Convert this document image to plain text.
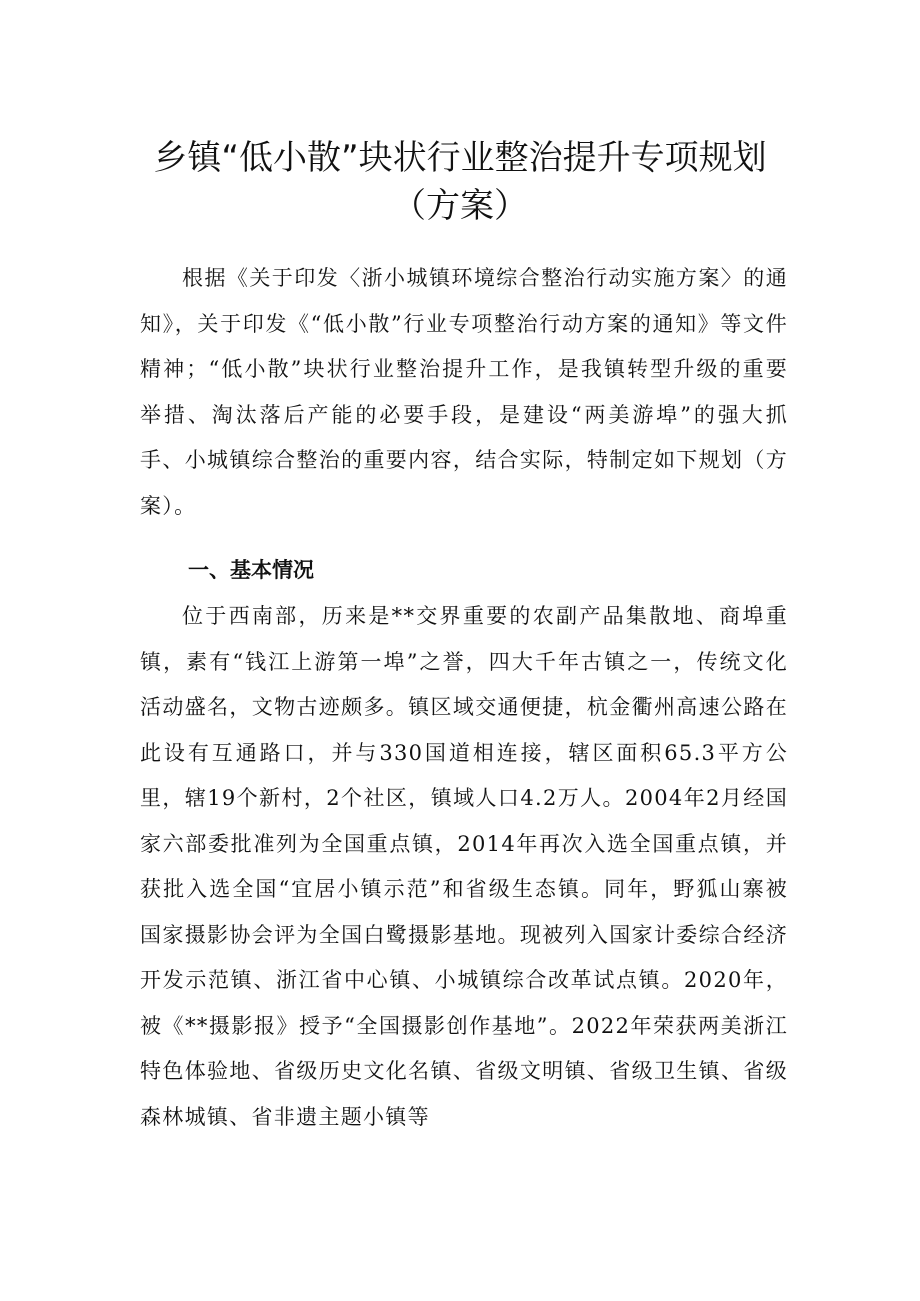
乡镇“低小散”块状行业整治提升专项规划
（方案）

根据《关于印发〈浙小城镇环境综合整治行动实施方案〉的通知》，关于印发《“低小散”行业专项整治行动方案的通知》等文件精神；“低小散”块状行业整治提升工作，是我镇转型升级的重要举措、淘汰落后产能的必要手段，是建设“两美游埠”的强大抓手、小城镇综合整治的重要内容，结合实际，特制定如下规划（方案）。

一、基本情况

位于西南部，历来是**交界重要的农副产品集散地、商埠重镇，素有“钱江上游第一埠”之誉，四大千年古镇之一，传统文化活动盛名，文物古迹颇多。镇区域交通便捷，杭金衢州高速公路在此设有互通路口，并与330国道相连接，辖区面积65.3平方公里，辖19个新村，2个社区，镇域人口4.2万人。2004年2月经国家六部委批准列为全国重点镇，2014年再次入选全国重点镇，并获批入选全国“宜居小镇示范”和省级生态镇。同年，野狐山寨被国家摄影协会评为全国白鹭摄影基地。现被列入国家计委综合经济开发示范镇、浙江省中心镇、小城镇综合改革试点镇。2020年，被《**摄影报》授予“全国摄影创作基地”。2022年荣获两美浙江特色体验地、省级历史文化名镇、省级文明镇、省级卫生镇、省级森林城镇、省非遗主题小镇等
